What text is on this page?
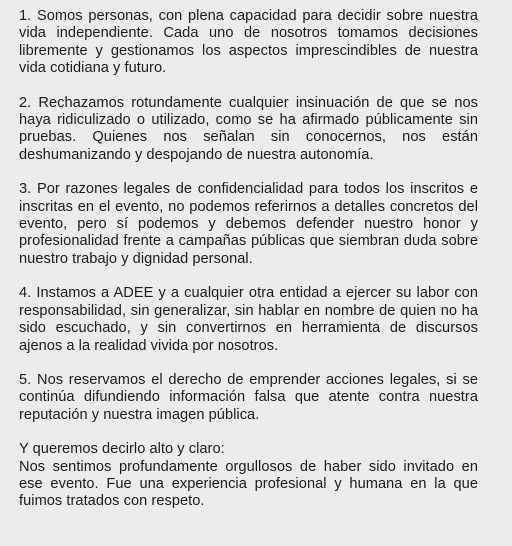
1. Somos personas, con plena capacidad para decidir sobre nuestra vida independiente. Cada uno de nosotros tomamos decisiones libremente y gestionamos los aspectos imprescindibles de nuestra vida cotidiana y futuro.

2. Rechazamos rotundamente cualquier insinuación de que se nos haya ridiculizado o utilizado, como se ha afirmado públicamente sin pruebas. Quienes nos señalan sin conocernos, nos están deshumanizando y despojando de nuestra autonomía.

3. Por razones legales de confidencialidad para todos los inscritos e inscritas en el evento, no podemos referirnos a detalles concretos del evento, pero sí podemos y debemos defender nuestro honor y profesionalidad frente a campañas públicas que siembran duda sobre nuestro trabajo y dignidad personal.

4. Instamos a ADEE y a cualquier otra entidad a ejercer su labor con responsabilidad, sin generalizar, sin hablar en nombre de quien no ha sido escuchado, y sin convertirnos en herramienta de discursos ajenos a la realidad vivida por nosotros.

5. Nos reservamos el derecho de emprender acciones legales, si se continúa difundiendo información falsa que atente contra nuestra reputación y nuestra imagen pública.

Y queremos decirlo alto y claro:
Nos sentimos profundamente orgullosos de haber sido invitado en ese evento. Fue una experiencia profesional y humana en la que fuimos tratados con respeto.
